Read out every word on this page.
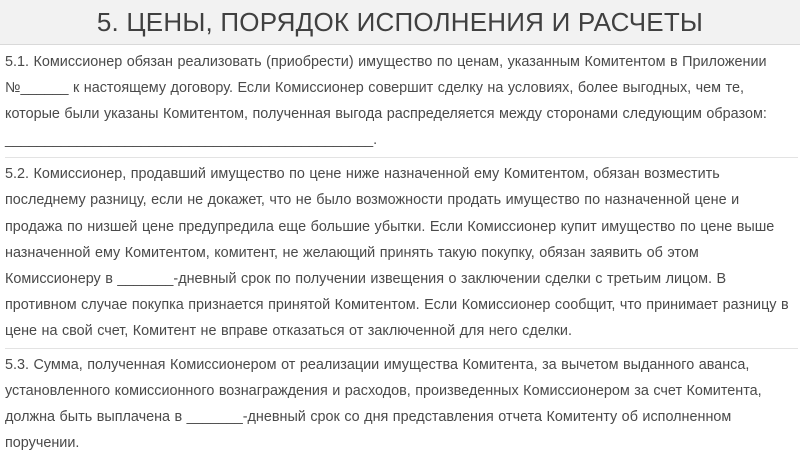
5. ЦЕНЫ, ПОРЯДОК ИСПОЛНЕНИЯ И РАСЧЕТЫ

5.1. Комиссионер обязан реализовать (приобрести) имущество по ценам, указанным Комитентом в Приложении №______ к настоящему договору. Если Комиссионер совершит сделку на условиях, более выгодных, чем те, которые были указаны Комитентом, полученная выгода распределяется между сторонами следующим образом: ______________________________________________.

5.2. Комиссионер, продавший имущество по цене ниже назначенной ему Комитентом, обязан возместить последнему разницу, если не докажет, что не было возможности продать имущество по назначенной цене и продажа по низшей цене предупредила еще большие убытки. Если Комиссионер купит имущество по цене выше назначенной ему Комитентом, комитент, не желающий принять такую покупку, обязан заявить об этом Комиссионеру в _______-дневный срок по получении извещения о заключении сделки с третьим лицом. В противном случае покупка признается принятой Комитентом. Если Комиссионер сообщит, что принимает разницу в цене на свой счет, Комитент не вправе отказаться от заключенной для него сделки.

5.3. Сумма, полученная Комиссионером от реализации имущества Комитента, за вычетом выданного аванса, установленного комиссионного вознаграждения и расходов, произведенных Комиссионером за счет Комитента, должна быть выплачена в _______-дневный срок со дня представления отчета Комитенту об исполненном поручении.
